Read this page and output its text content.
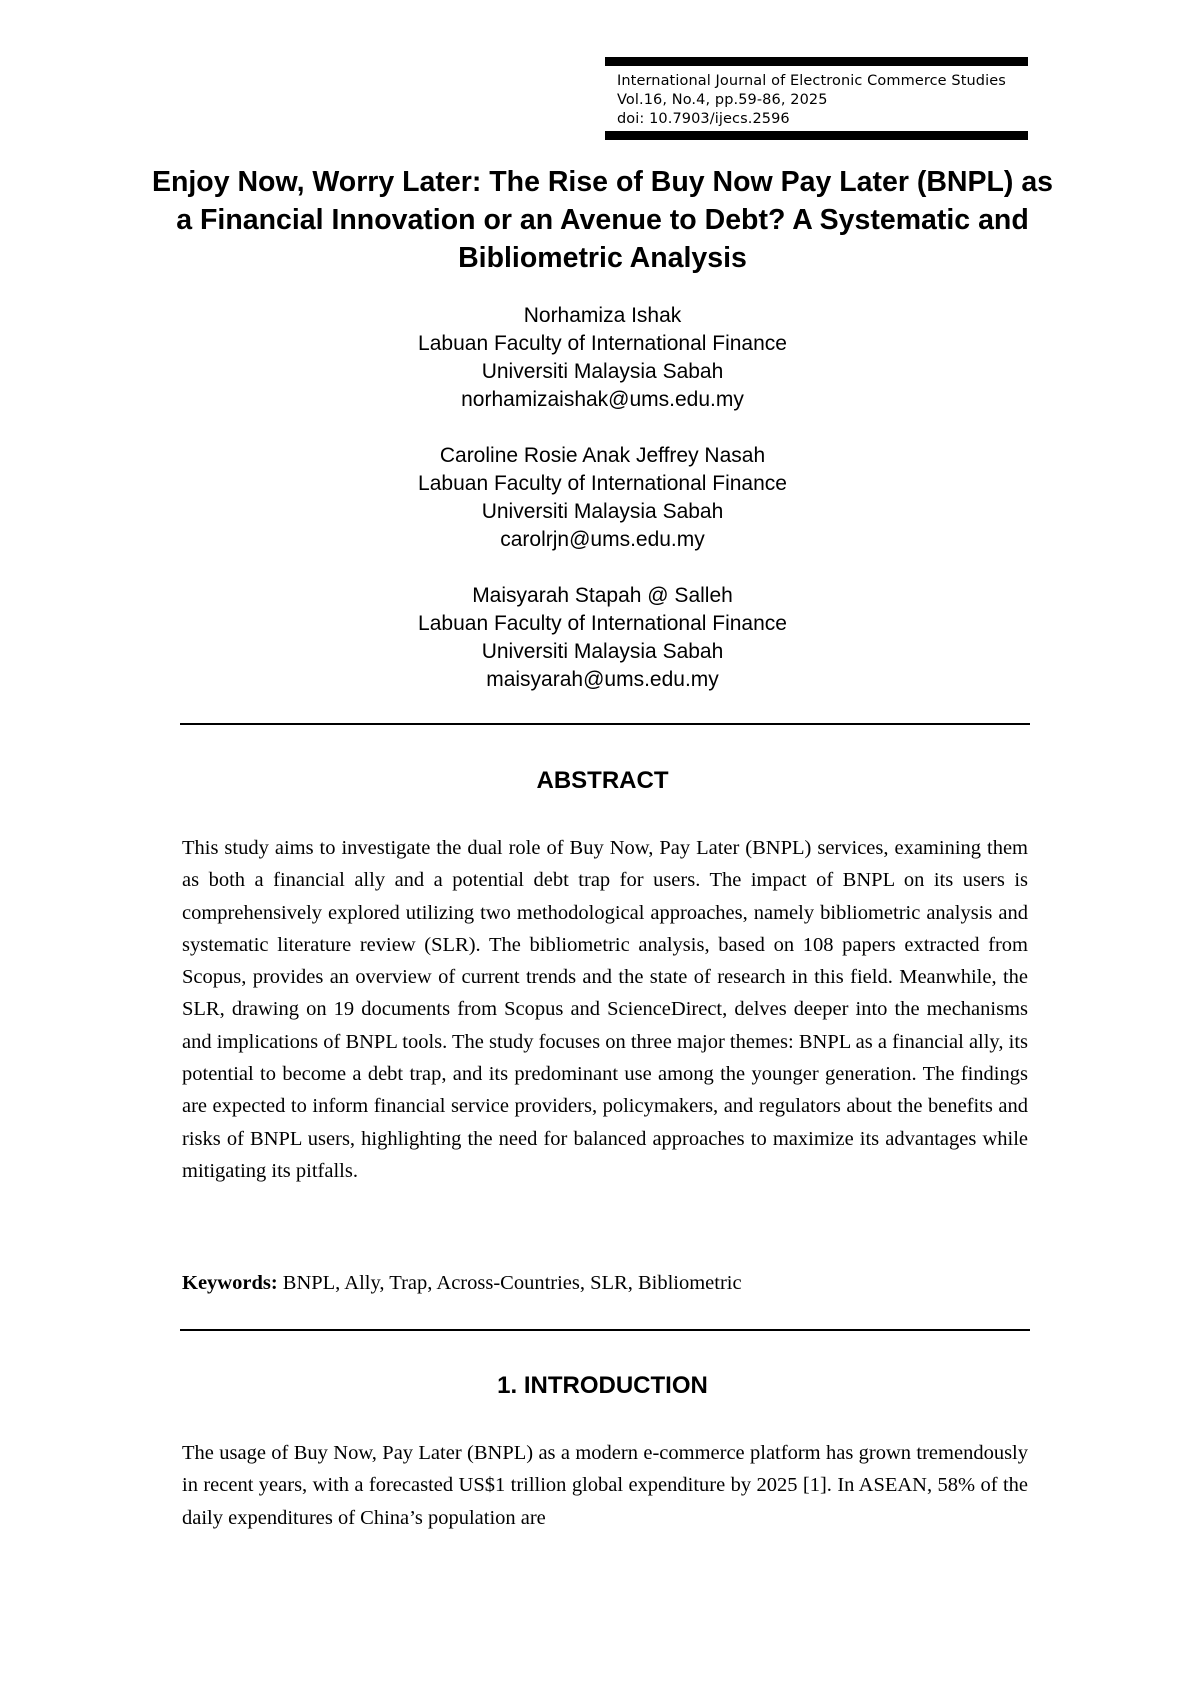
International Journal of Electronic Commerce Studies
Vol.16, No.4, pp.59-86, 2025
doi: 10.7903/ijecs.2596
Enjoy Now, Worry Later: The Rise of Buy Now Pay Later (BNPL) as a Financial Innovation or an Avenue to Debt? A Systematic and Bibliometric Analysis
Norhamiza Ishak
Labuan Faculty of International Finance
Universiti Malaysia Sabah
norhamizaishak@ums.edu.my
Caroline Rosie Anak Jeffrey Nasah
Labuan Faculty of International Finance
Universiti Malaysia Sabah
carolrjn@ums.edu.my
Maisyarah Stapah @ Salleh
Labuan Faculty of International Finance
Universiti Malaysia Sabah
maisyarah@ums.edu.my
ABSTRACT

This study aims to investigate the dual role of Buy Now, Pay Later (BNPL) services, examining them as both a financial ally and a potential debt trap for users. The impact of BNPL on its users is comprehensively explored utilizing two methodological approaches, namely bibliometric analysis and systematic literature review (SLR). The bibliometric analysis, based on 108 papers extracted from Scopus, provides an overview of current trends and the state of research in this field. Meanwhile, the SLR, drawing on 19 documents from Scopus and ScienceDirect, delves deeper into the mechanisms and implications of BNPL tools. The study focuses on three major themes: BNPL as a financial ally, its potential to become a debt trap, and its predominant use among the younger generation. The findings are expected to inform financial service providers, policymakers, and regulators about the benefits and risks of BNPL users, highlighting the need for balanced approaches to maximize its advantages while mitigating its pitfalls.

Keywords: BNPL, Ally, Trap, Across-Countries, SLR, Bibliometric

1. INTRODUCTION

The usage of Buy Now, Pay Later (BNPL) as a modern e-commerce platform has grown tremendously in recent years, with a forecasted US$1 trillion global expenditure by 2025 [1]. In ASEAN, 58% of the daily expenditures of China’s population are
